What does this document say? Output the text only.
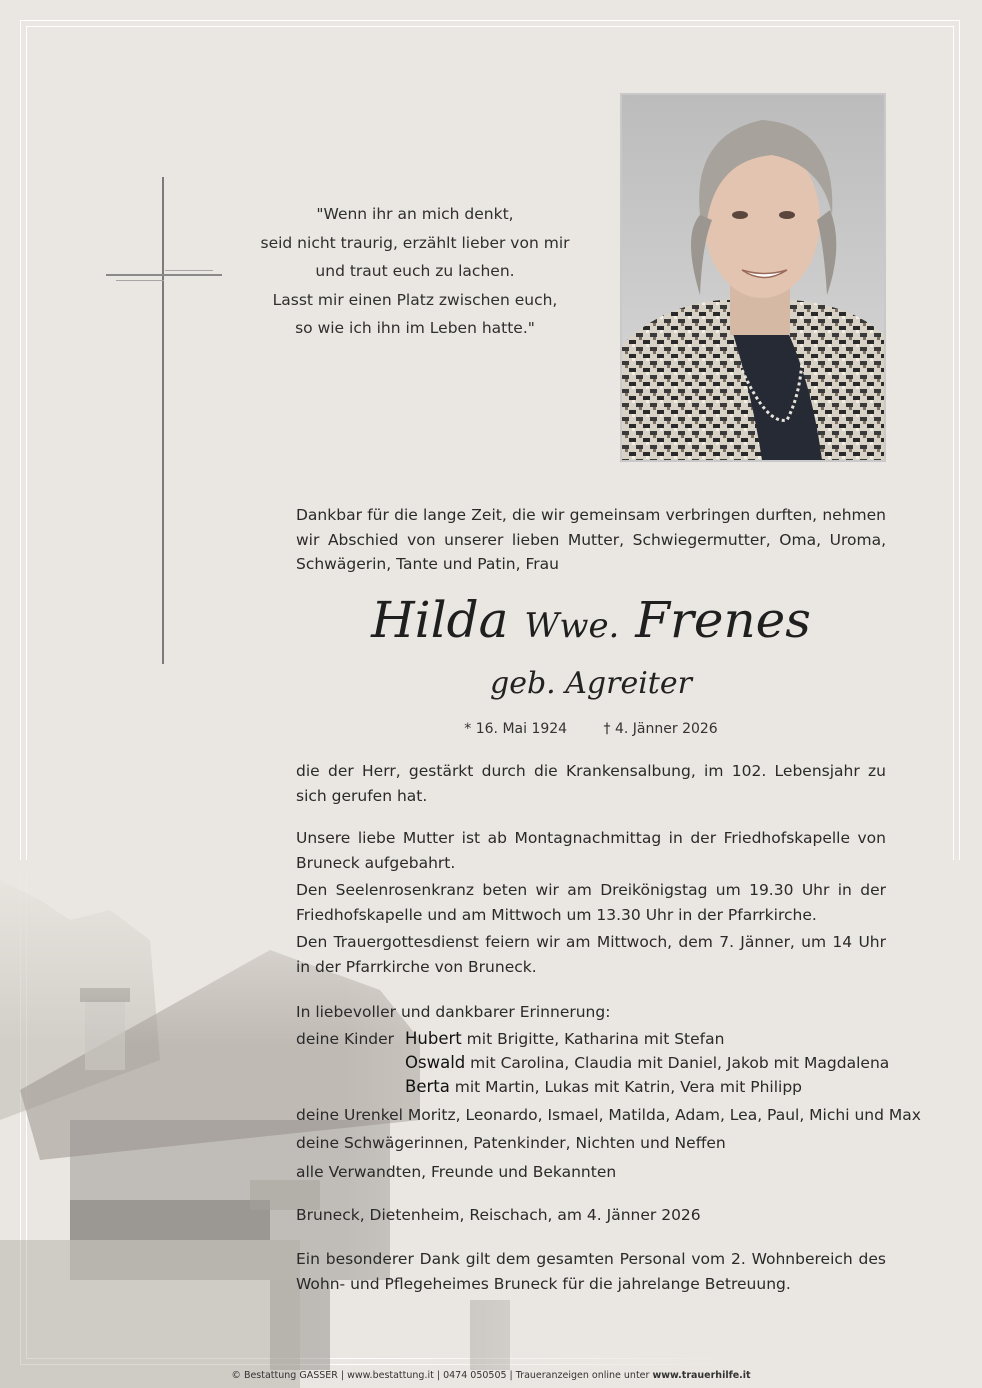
"Wenn ihr an mich denkt,
seid nicht traurig, erzählt lieber von mir
und traut euch zu lachen.
Lasst mir einen Platz zwischen euch,
so wie ich ihn im Leben hatte."
Dankbar für die lange Zeit, die wir gemeinsam verbringen durften, nehmen wir Abschied von unserer lieben Mutter, Schwiegermutter, Oma, Uroma, Schwägerin, Tante und Patin, Frau
Hilda Wwe. Frenes
geb. Agreiter
* 16. Mai 1924	† 4. Jänner 2026
die der Herr, gestärkt durch die Krankensalbung, im 102. Lebensjahr zu sich gerufen hat.
Unsere liebe Mutter ist ab Montagnachmittag in der Friedhofskapelle von Bruneck aufgebahrt.
Den Seelenrosenkranz beten wir am Dreikönigstag um 19.30 Uhr in der Friedhofskapelle und am Mittwoch um 13.30 Uhr in der Pfarrkirche.
Den Trauergottesdienst feiern wir am Mittwoch, dem 7. Jänner, um 14 Uhr in der Pfarrkirche von Bruneck.
In liebevoller und dankbarer Erinnerung:
deine Kinder Hubert mit Brigitte, Katharina mit Stefan
Oswald mit Carolina, Claudia mit Daniel, Jakob mit Magdalena
Berta mit Martin, Lukas mit Katrin, Vera mit Philipp
deine Urenkel Moritz, Leonardo, Ismael, Matilda, Adam, Lea, Paul, Michi und Max
deine Schwägerinnen, Patenkinder, Nichten und Neffen
alle Verwandten, Freunde und Bekannten
Bruneck, Dietenheim, Reischach, am 4. Jänner 2026
Ein besonderer Dank gilt dem gesamten Personal vom 2. Wohnbereich des Wohn- und Pflegeheimes Bruneck für die jahrelange Betreuung.
© Bestattung GASSER | www.bestattung.it | 0474 050505 | Traueranzeigen online unter www.trauerhilfe.it
